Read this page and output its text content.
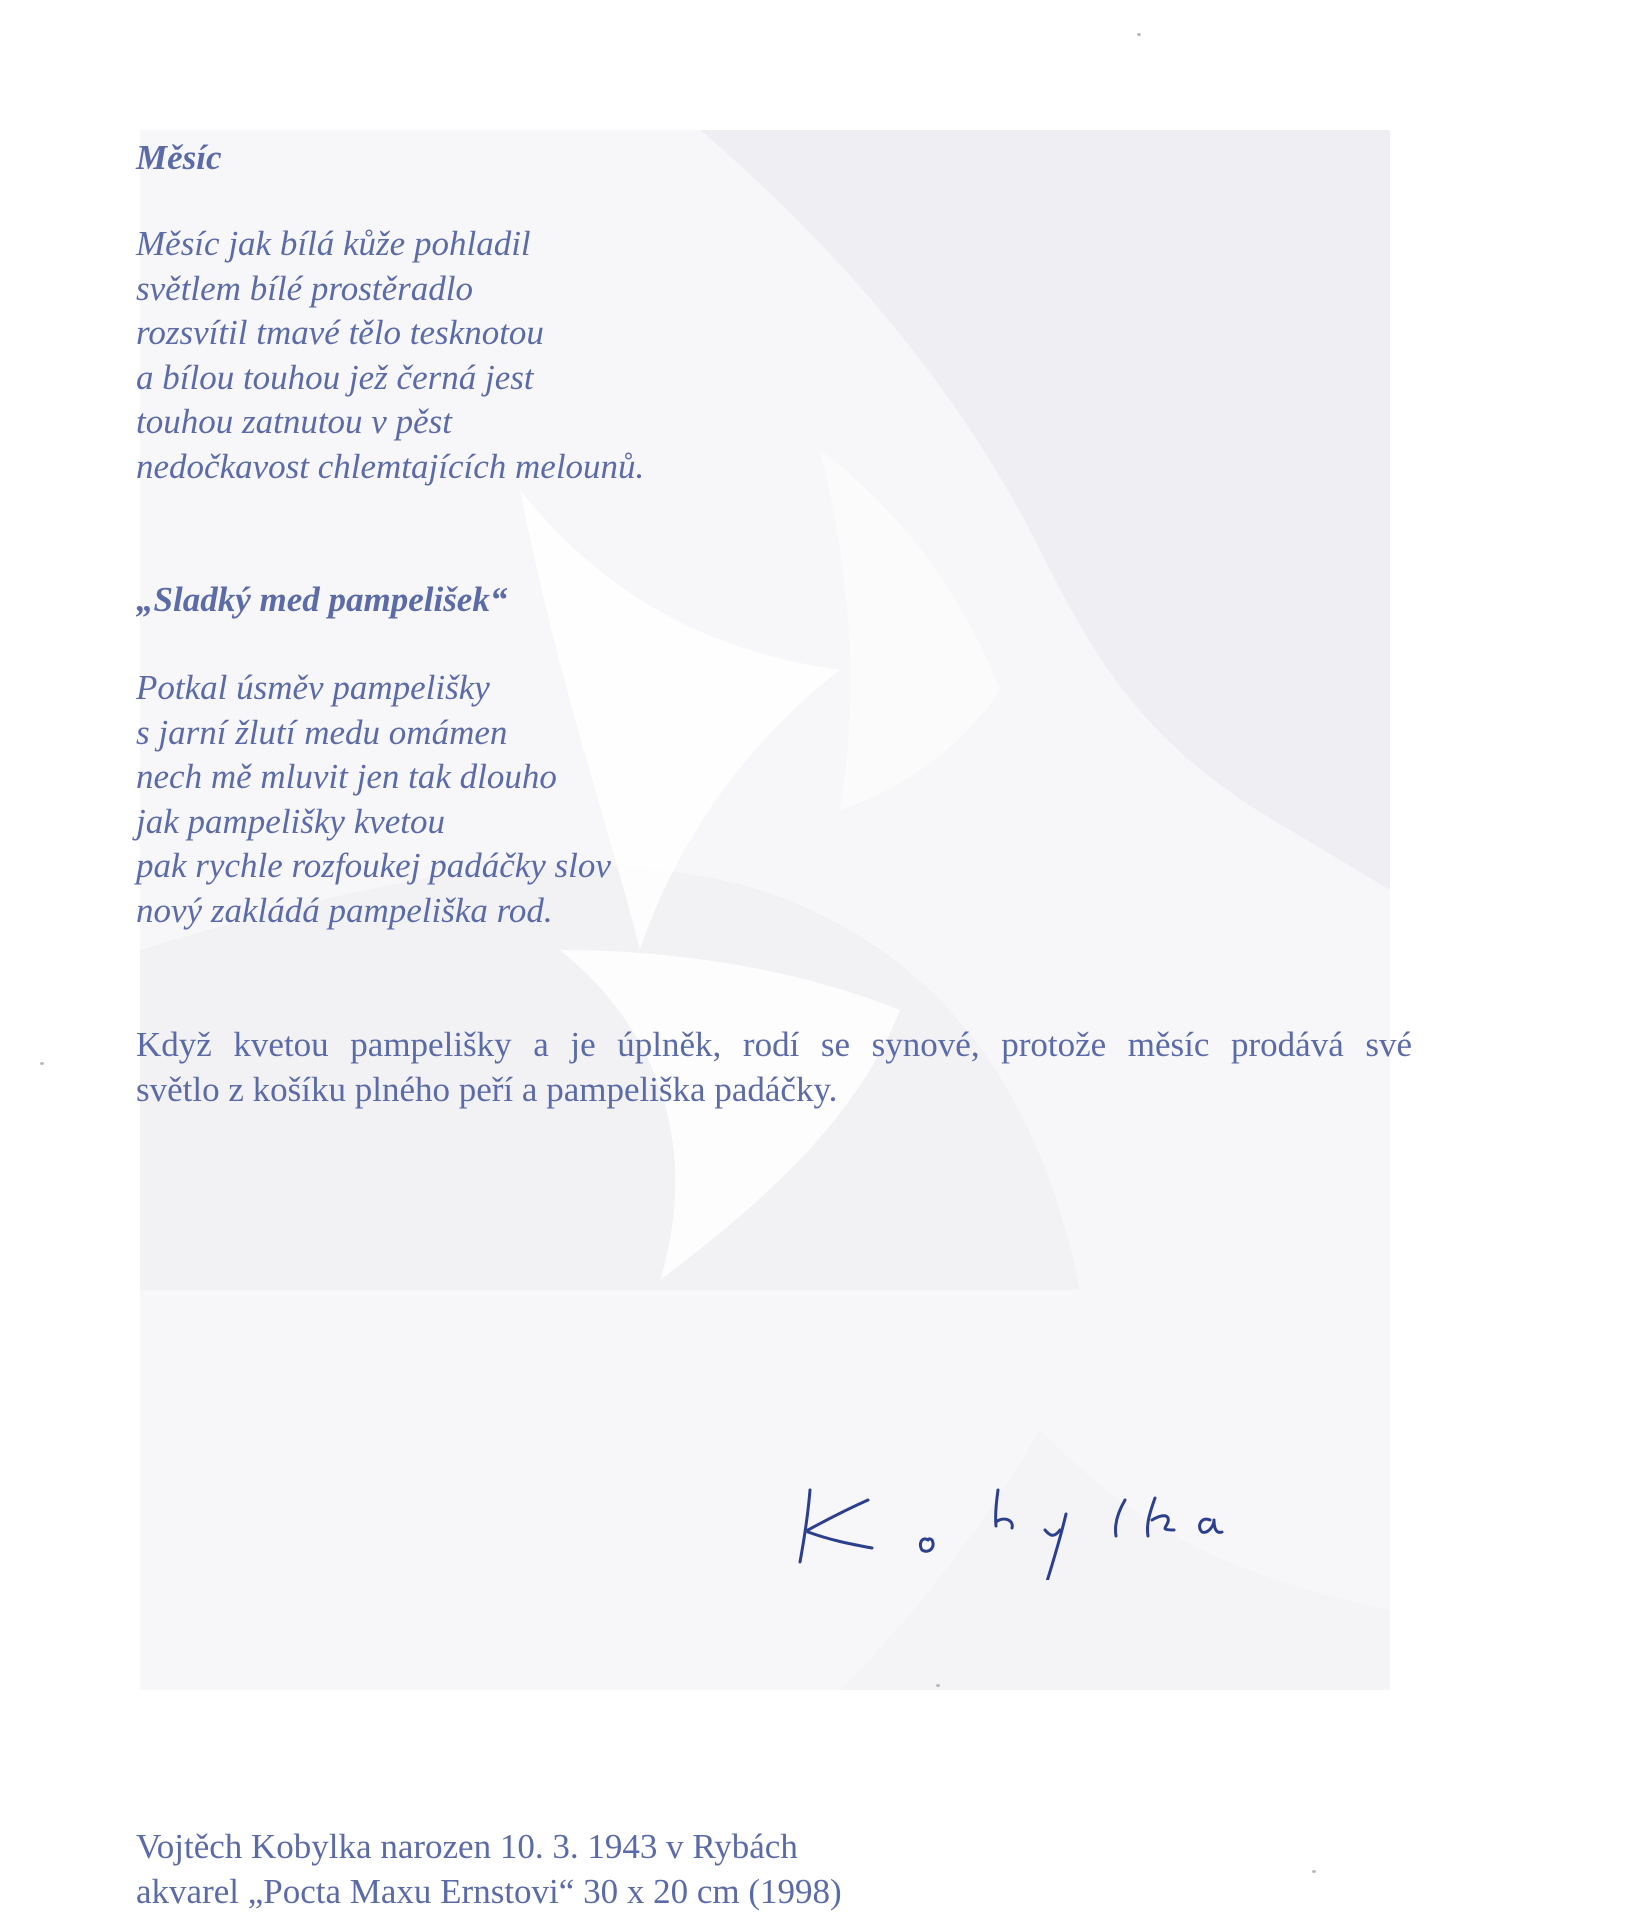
Měsíc
Měsíc jak bílá kůže pohladil
světlem bílé prostěradlo
rozsvítil tmavé tělo tesknotou
a bílou touhou jež černá jest
touhou zatnutou v pěst
nedočkavost chlemtajících melounů.
„Sladký med pampelišek“
Potkal úsměv pampelišky
s jarní žlutí medu omámen
nech mě mluvit jen tak dlouho
jak pampelišky kvetou
pak rychle rozfoukej padáčky slov
nový zakládá pampeliška rod.

Když kvetou pampelišky a je úplněk, rodí se synové, protože měsíc prodává své
světlo z košíku plného peří a pampeliška padáčky.

Vojtěch Kobylka narozen 10. 3. 1943 v Rybách
akvarel „Pocta Maxu Ernstovi“ 30 x 20 cm (1998)
